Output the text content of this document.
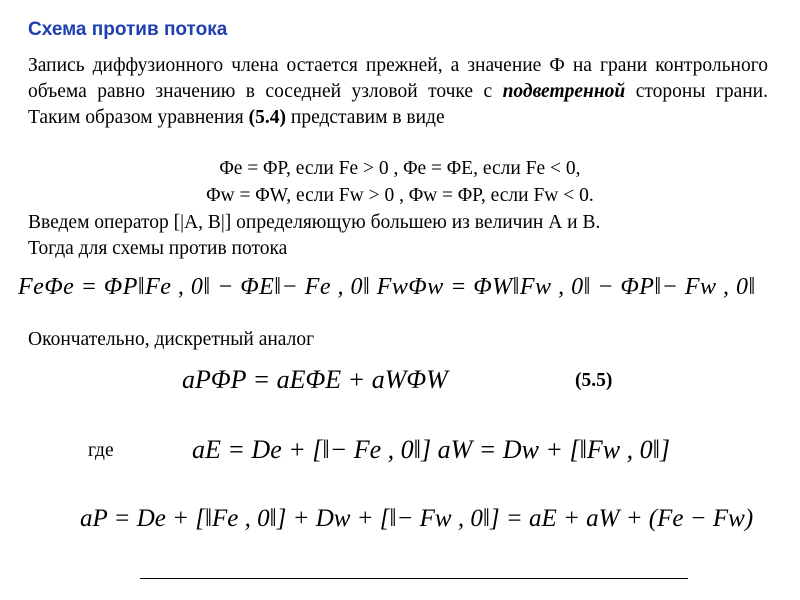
Схема против потока
Запись диффузионного члена остается прежней, а значение Ф на грани контрольного объема равно значению в соседней узловой точке с подветренной стороны грани. Таким образом уравнения (5.4) представим в виде
Φe = ΦP, если Fe > 0 , Φe = ΦE, если Fe < 0,
Φw = ΦW, если Fw > 0 , Φw = ΦP, если Fw < 0.
Введем оператор [|A, B|] определяющую большею из величин А и В.
Тогда для схемы против потока
FeΦe = ΦP‖Fe , 0‖ − ΦE‖− Fe , 0‖ FwΦw = ΦW‖Fw , 0‖ − ΦP‖− Fw , 0‖
Окончательно, дискретный аналог
aPΦP = aEΦE + aWΦW	(5.5)
где	aE = De + [‖− Fe , 0‖] aW = Dw + [‖Fw , 0‖]
aP = De + [‖Fe , 0‖] + Dw + [‖− Fw , 0‖] = aE + aW + (Fe − Fw)
